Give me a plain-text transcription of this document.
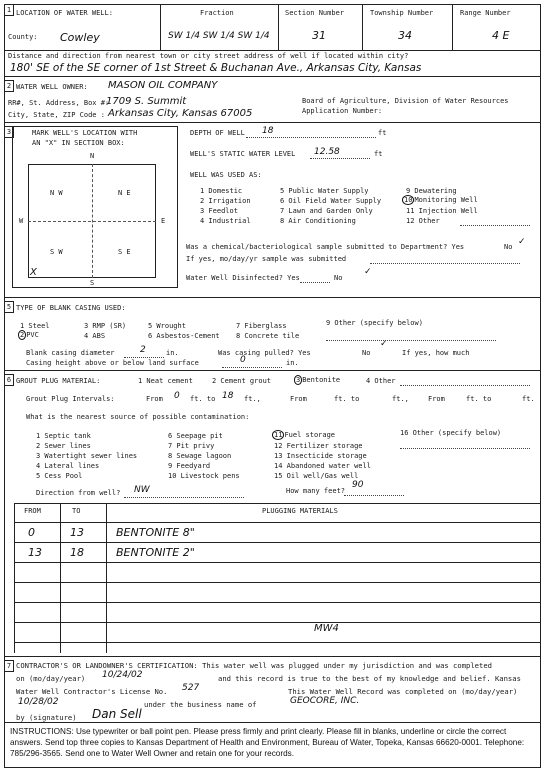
1 LOCATION OF WATER WELL:	Fraction	Section Number	Township Number	Range Number
County: Cowley	SW 1/4 SW 1/4 SW 1/4	31	34	4 E
Distance and direction from nearest town or city street address of well if located within city?
180' SE of the SE corner of 1st Street & Buchanan Ave., Arkansas City, Kansas
2 WATER WELL OWNER: MASON OIL COMPANY
RR#, St. Address, Box #:
1709 S. Summit	Board of Agriculture, Division of Water Resources
City, State, ZIP Code : Arkansas City, Kansas 67005	Application Number:
3	MARK WELL'S LOCATION WITH
AN "X" IN SECTION BOX:
N
W	E
S
N W	N E
S W	S E
X
DEPTH OF WELL 18	ft
WELL'S STATIC WATER LEVEL 12.58	ft
WELL WAS USED AS:
1 Domestic
2 Irrigation
3 Feedlot
4 Industrial
5 Public Water Supply
6 Oil Field Water Supply
7 Lawn and Garden Only
8 Air Conditioning
9 Dewatering
10 Monitoring Well
11 Injection Well
12 Other
Was a chemical/bacteriological sample submitted to Department? Yes	No ✓
If yes, mo/day/yr sample was submitted
Water Well Disinfected? Yes	No
✓
5 TYPE OF BLANK CASING USED:
1 Steel	3 RMP (SR)	5 Wrought	7 Fiberglass	9 Other (specify below)
2 PVC	4 ABS	6 Asbestos-Cement 8 Concrete tile
Blank casing diameter	2	in.	Was casing pulled? Yes	No
✓
If yes, how much
Casing height above or below land surface	0	in.
6 GROUT PLUG MATERIAL:	1 Neat cement	2 Cement grout	3 Bentonite	4 Other
Grout Plug Intervals:	From 0 ft. to 18 ft.,	From	ft. to	ft.,	From	ft. to	ft.
What is the nearest source of possible contamination:
1 Septic tank
2 Sewer lines
3 Watertight sewer lines
4 Lateral lines
5 Cess Pool
6 Seepage pit
7 Pit privy
8 Sewage lagoon
9 Feedyard
10 Livestock pens
11 Fuel storage
12 Fertilizer storage
13 Insecticide storage
14 Abandoned water well
15 Oil well/Gas well
16 Other (specify below)
Direction from well? NW	How many feet?
90
FROM	TO	PLUGGING MATERIALS
0	13	BENTONITE 8"
13	18	BENTONITE 2"
MW4
7 CONTRACTOR'S OR LANDOWNER'S CERTIFICATION: This water well was plugged under my jurisdiction and was completed
on (mo/day/year) 10/24/02	and this record is true to the best of my knowledge and belief. Kansas
Water Well Contractor's License No. 527	This Water Well Record was completed on (mo/day/year)
10/28/02	under the business name of	GEOCORE, INC.
by (signature) Dan Sell
INSTRUCTIONS: Use typewriter or ball point pen. Please press firmly and print clearly. Please fill in blanks, underline or circle the correct answers. Send top three copies to Kansas Department of Health and Environment, Bureau of Water, Topeka, Kansas 66620-0001. Telephone: 785/296-3565. Send one to Water Well Owner and retain one for your records.
